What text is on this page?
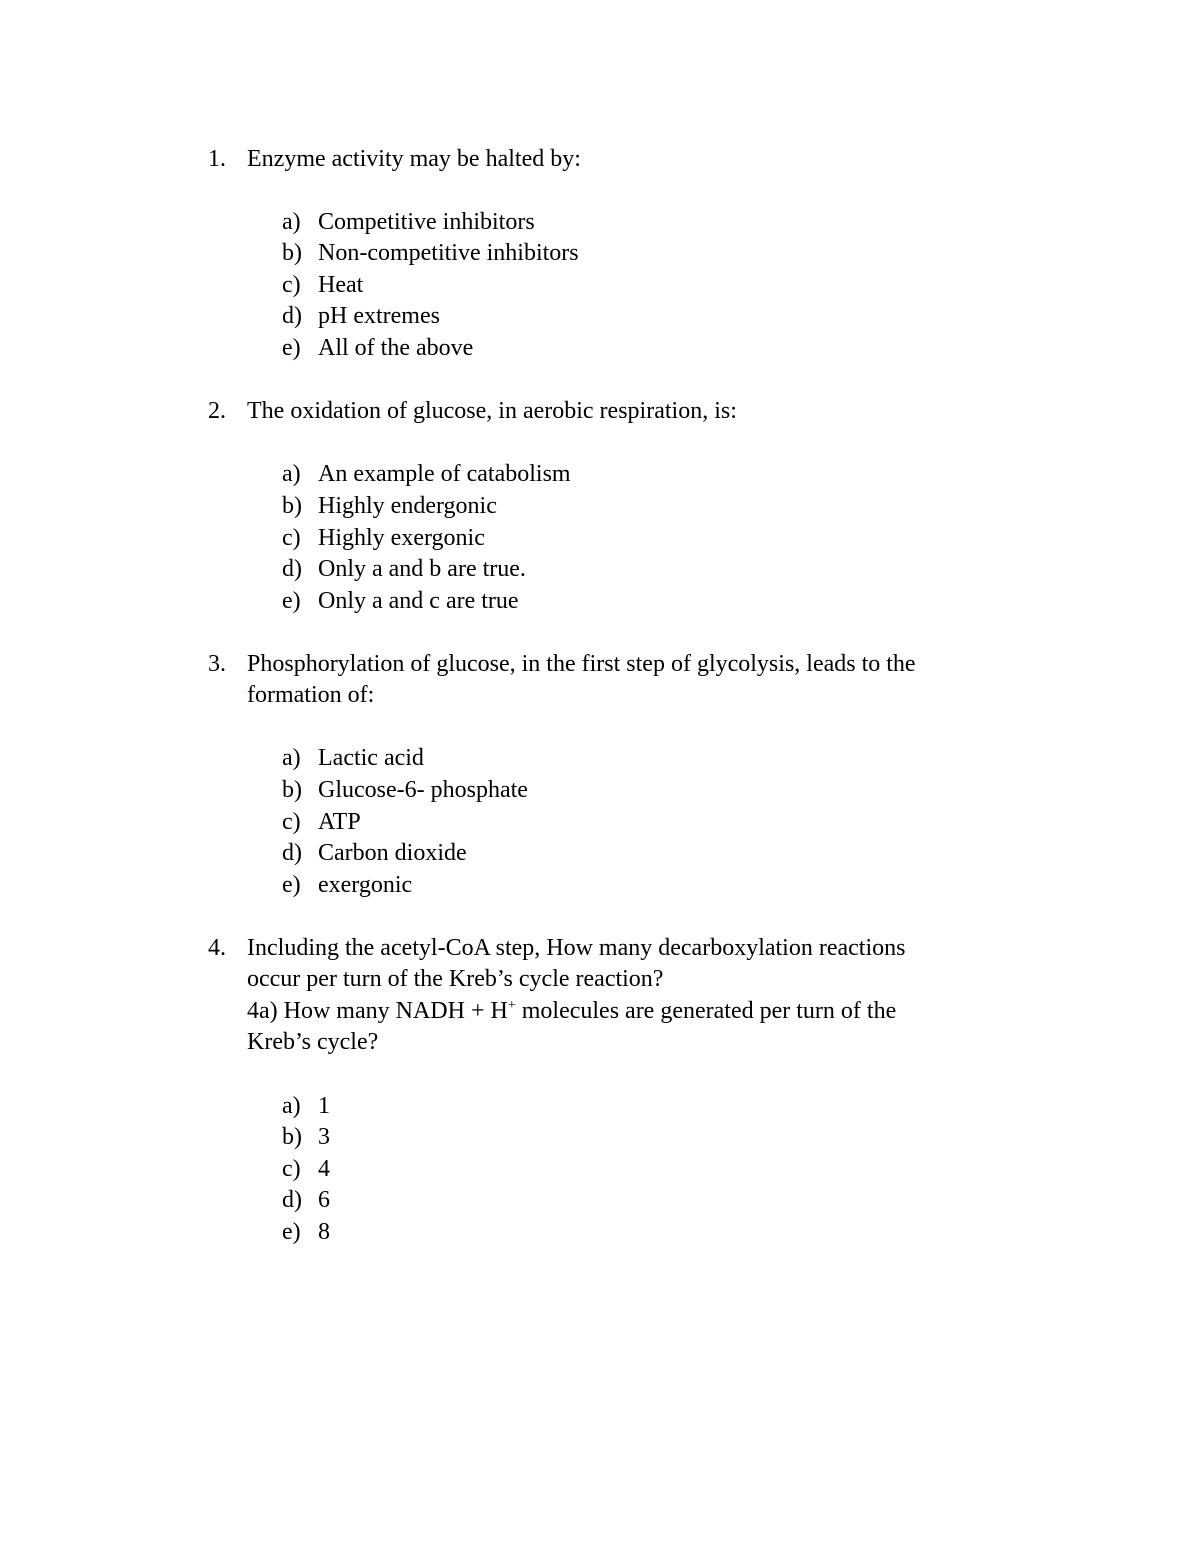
1. Enzyme activity may be halted by:
a) Competitive inhibitors
b) Non-competitive inhibitors
c) Heat
d) pH extremes
e) All of the above
2. The oxidation of glucose, in aerobic respiration, is:
a) An example of catabolism
b) Highly endergonic
c) Highly exergonic
d) Only a and b are true.
e) Only a and c are true
3. Phosphorylation of glucose, in the first step of glycolysis, leads to the
formation of:
a) Lactic acid
b) Glucose-6- phosphate
c) ATP
d) Carbon dioxide
e) exergonic
4. Including the acetyl-CoA step, How many decarboxylation reactions
occur per turn of the Kreb’s cycle reaction?
4a) How many NADH + H+ molecules are generated per turn of the
Kreb’s cycle?
a) 1
b) 3
c) 4
d) 6
e) 8
